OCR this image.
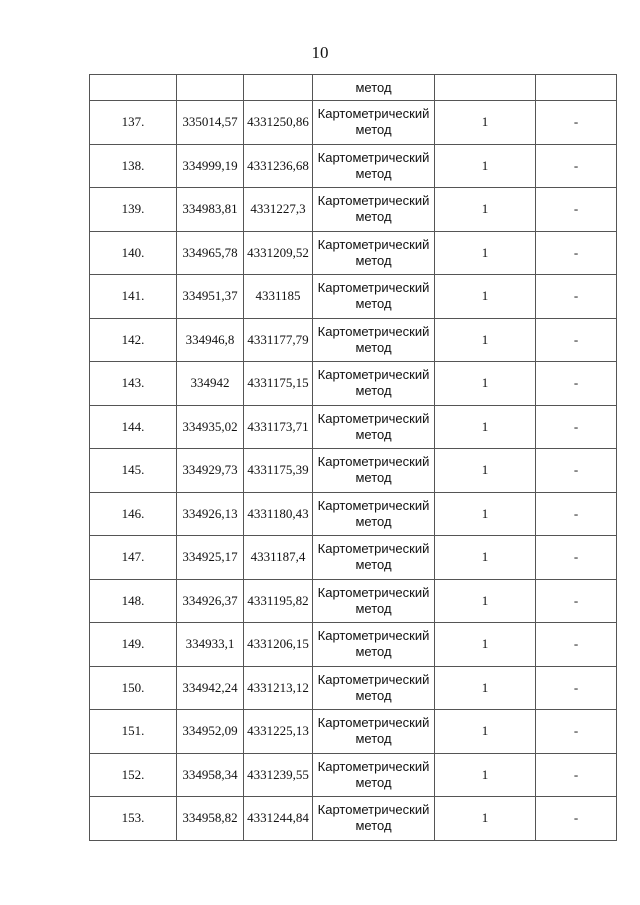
10
			метод		
137.	335014,57	4331250,86	Картометрический метод	1	-
138.	334999,19	4331236,68	Картометрический метод	1	-
139.	334983,81	4331227,3	Картометрический метод	1	-
140.	334965,78	4331209,52	Картометрический метод	1	-
141.	334951,37	4331185	Картометрический метод	1	-
142.	334946,8	4331177,79	Картометрический метод	1	-
143.	334942	4331175,15	Картометрический метод	1	-
144.	334935,02	4331173,71	Картометрический метод	1	-
145.	334929,73	4331175,39	Картометрический метод	1	-
146.	334926,13	4331180,43	Картометрический метод	1	-
147.	334925,17	4331187,4	Картометрический метод	1	-
148.	334926,37	4331195,82	Картометрический метод	1	-
149.	334933,1	4331206,15	Картометрический метод	1	-
150.	334942,24	4331213,12	Картометрический метод	1	-
151.	334952,09	4331225,13	Картометрический метод	1	-
152.	334958,34	4331239,55	Картометрический метод	1	-
153.	334958,82	4331244,84	Картометрический метод	1	-
